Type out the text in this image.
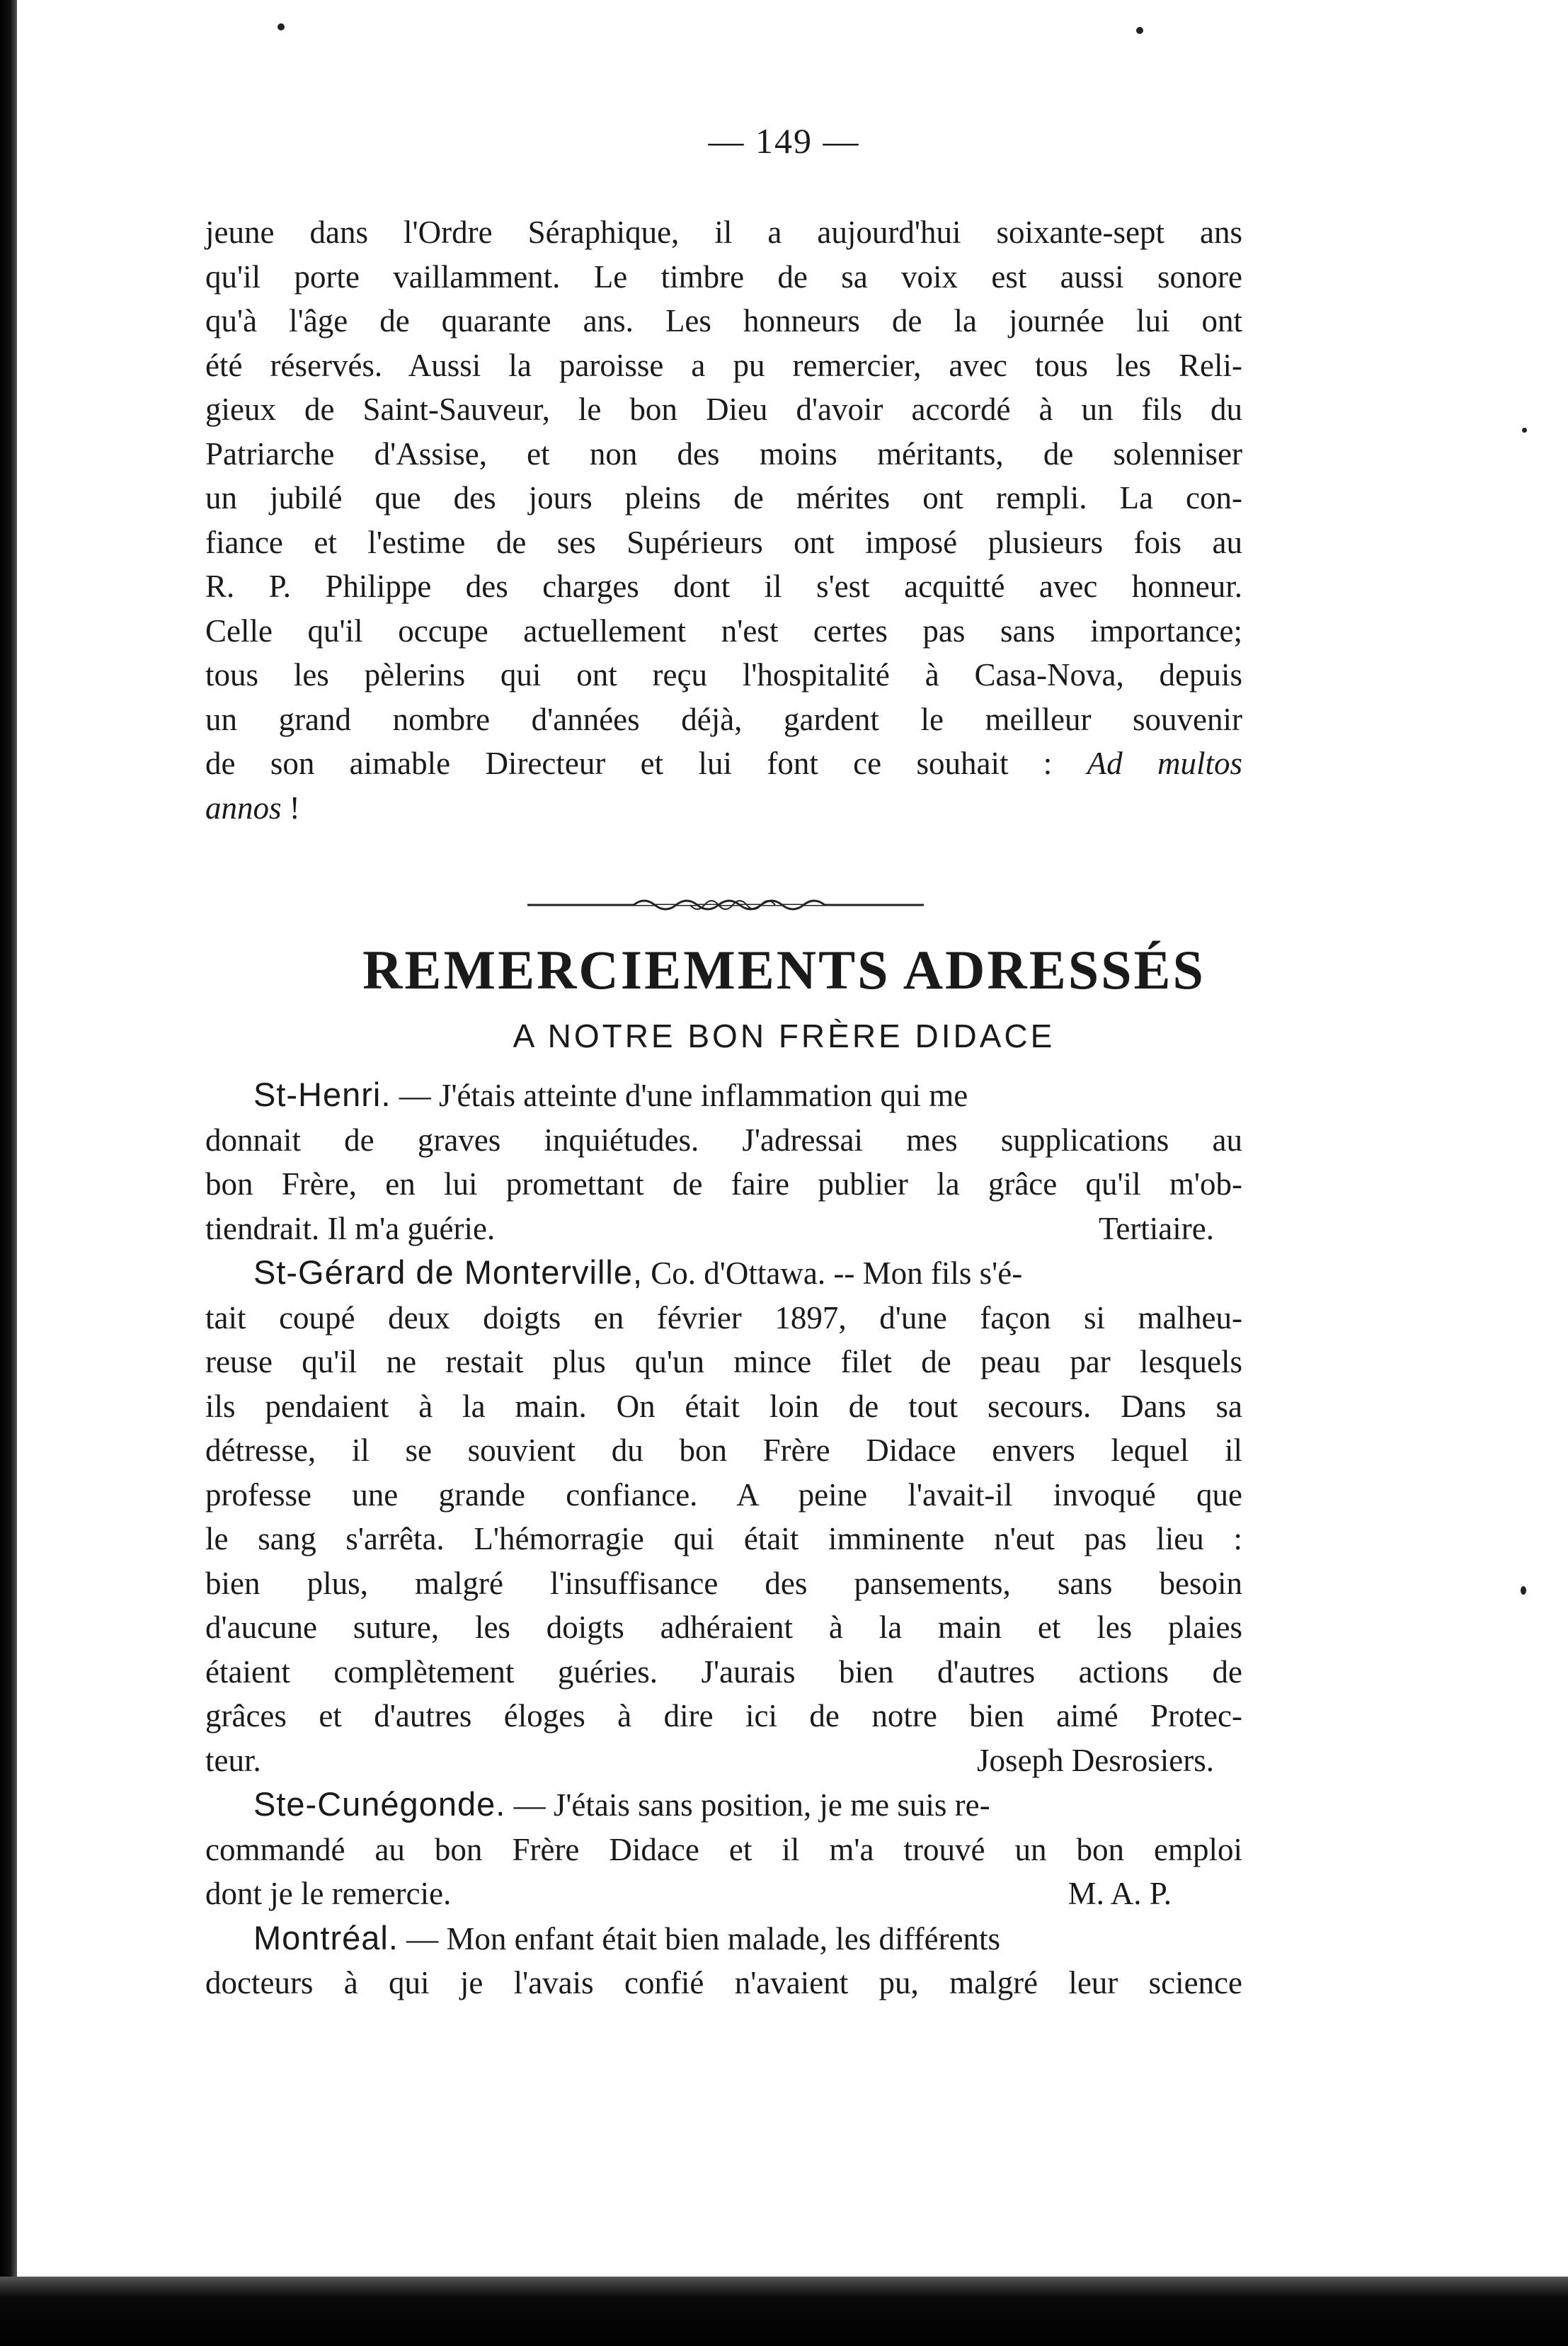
— 149 —

jeune dans l'Ordre Séraphique, il a aujourd'hui soixante-sept ans

qu'il porte vaillamment. Le timbre de sa voix est aussi sonore

qu'à l'âge de quarante ans. Les honneurs de la journée lui ont

été réservés. Aussi la paroisse a pu remercier, avec tous les Reli-

gieux de Saint-Sauveur, le bon Dieu d'avoir accordé à un fils du

Patriarche d'Assise, et non des moins méritants, de solenniser

un jubilé que des jours pleins de mérites ont rempli. La con-

fiance et l'estime de ses Supérieurs ont imposé plusieurs fois au

R. P. Philippe des charges dont il s'est acquitté avec honneur.

Celle qu'il occupe actuellement n'est certes pas sans importance;

tous les pèlerins qui ont reçu l'hospitalité à Casa-Nova, depuis

un grand nombre d'années déjà, gardent le meilleur souvenir

de son aimable Directeur et lui font ce souhait : Ad multos

annos !

REMERCIEMENTS ADRESSÉS
A NOTRE BON FRÈRE DIDACE

St-Henri. — J'étais atteinte d'une inflammation qui me

donnait de graves inquiétudes. J'adressai mes supplications au

bon Frère, en lui promettant de faire publier la grâce qu'il m'ob-

tiendrait. Il m'a guérie.	Tertiaire.

St-Gérard de Monterville, Co. d'Ottawa. -- Mon fils s'é-

tait coupé deux doigts en février 1897, d'une façon si malheu-

reuse qu'il ne restait plus qu'un mince filet de peau par lesquels

ils pendaient à la main. On était loin de tout secours. Dans sa

détresse, il se souvient du bon Frère Didace envers lequel il

professe une grande confiance. A peine l'avait-il invoqué que

le sang s'arrêta. L'hémorragie qui était imminente n'eut pas lieu :

bien plus, malgré l'insuffisance des pansements, sans besoin

d'aucune suture, les doigts adhéraient à la main et les plaies

étaient complètement guéries. J'aurais bien d'autres actions de

grâces et d'autres éloges à dire ici de notre bien aimé Protec-

teur.	Joseph Desrosiers.

Ste-Cunégonde. — J'étais sans position, je me suis re-

commandé au bon Frère Didace et il m'a trouvé un bon emploi

dont je le remercie.	M. A. P.

Montréal. — Mon enfant était bien malade, les différents

docteurs à qui je l'avais confié n'avaient pu, malgré leur science
